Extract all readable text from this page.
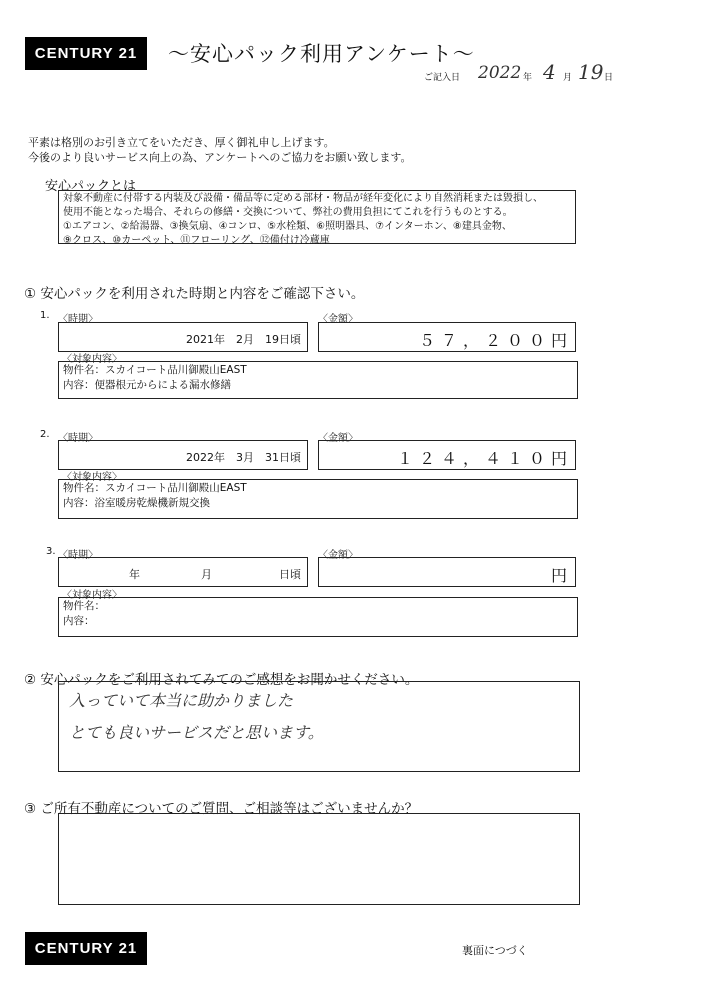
CENTURY 21	～安心パック利用アンケート～
ご記入日 2022 年 4 月 19 日
平素は格別のお引き立てをいただき、厚く御礼申し上げます。
今後のより良いサービス向上の為、アンケートへのご協力をお願い致します。
安心パックとは
対象不動産に付帯する内装及び設備・備品等に定める部材・物品が経年変化により自然消耗または毀損し、
使用不能となった場合、それらの修繕・交換について、弊社の費用負担にてこれを行うものとする。
①エアコン、②給湯器、③換気扇、④コンロ、⑤水栓類、⑥照明器具、⑦インターホン、⑧建具金物、
⑨クロス、⑩カーペット、⑪フローリング、⑫備付け冷蔵庫
① 安心パックを利用された時期と内容をご確認下さい。
1. 〈時期〉	〈金額〉
2021年　2月　19日頃	５７，２００円
〈対象内容〉
物件名：スカイコート品川御殿山EAST
内容：便器根元からによる漏水修繕
2. 〈時期〉	〈金額〉
2022年　3月　31日頃	１２４，４１０円
〈対象内容〉
物件名：スカイコート品川御殿山EAST
内容：浴室暖房乾燥機新規交換
3. 〈時期〉	〈金額〉
年	月	日頃	円
〈対象内容〉
物件名：
内容：
② 安心パックをご利用されてみてのご感想をお聞かせください。
入っていて本当に助かりました
とても良いサービスだと思います。
③ ご所有不動産についてのご質問、ご相談等はございませんか？
CENTURY 21	裏面につづく
